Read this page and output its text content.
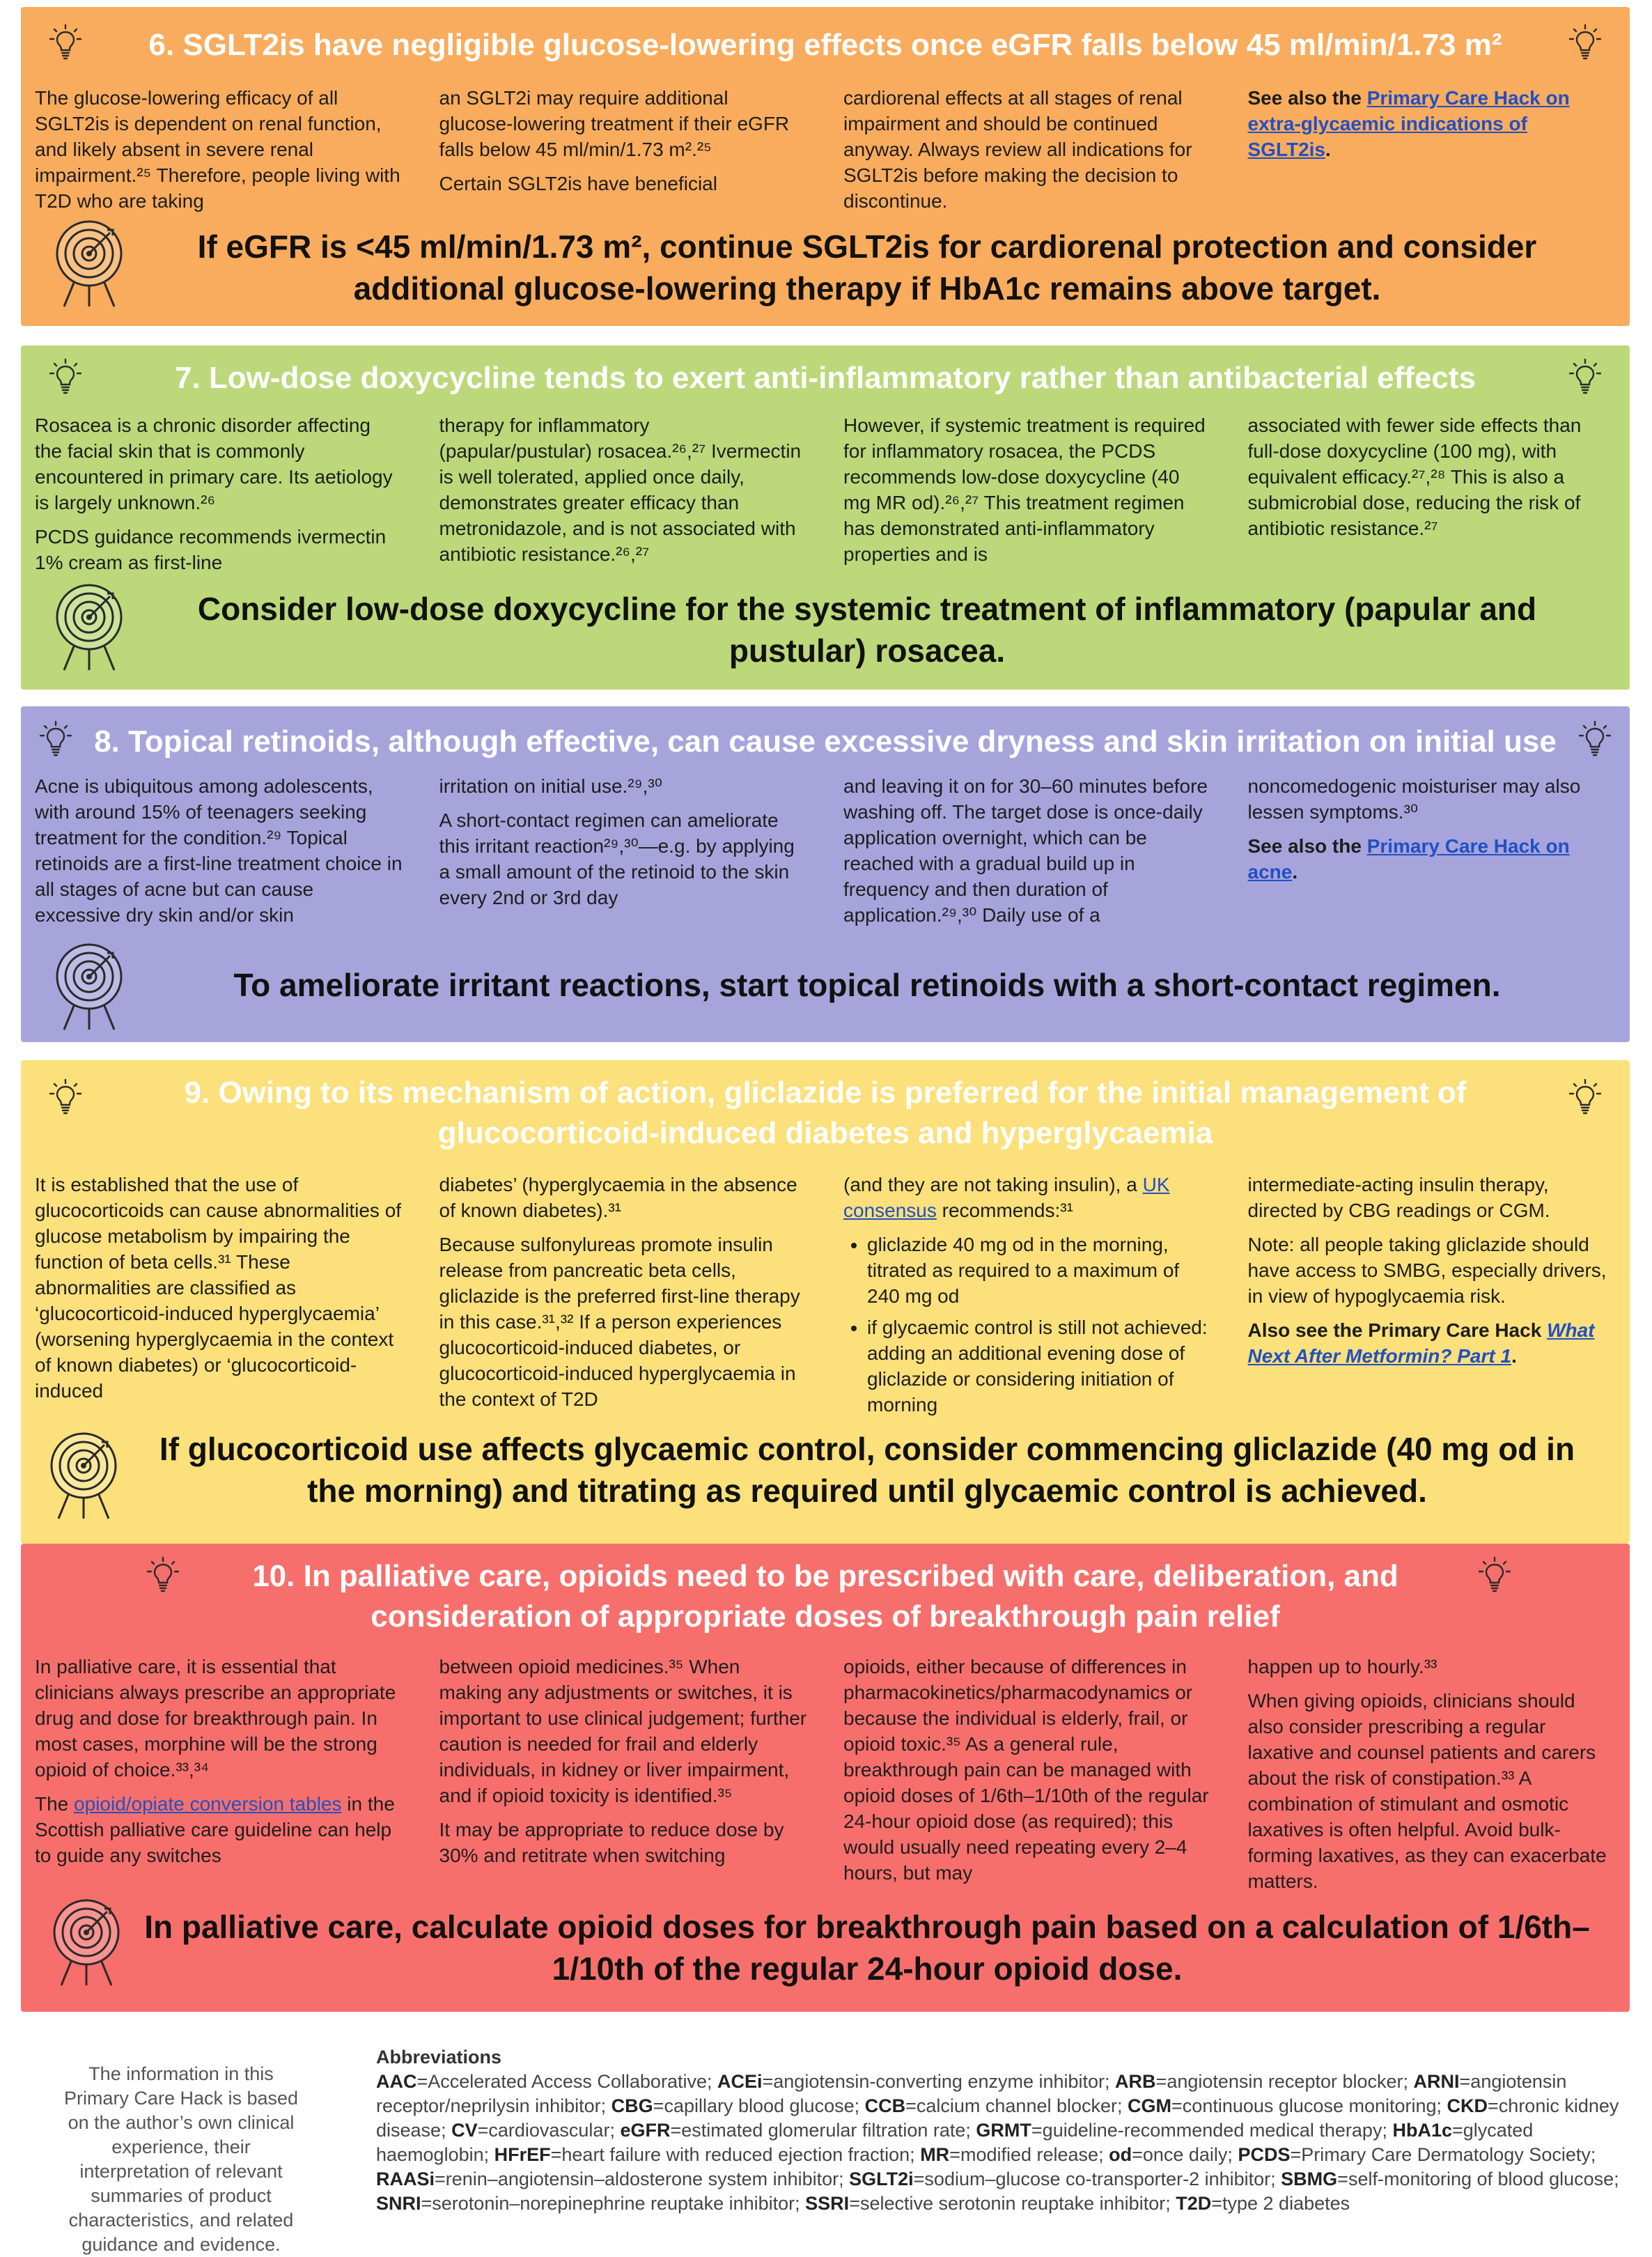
6. SGLT2is have negligible glucose-lowering effects once eGFR falls below 45 ml/min/1.73 m²

The glucose-lowering efficacy of all SGLT2is is dependent on renal function, and likely absent in severe renal impairment.²⁵ Therefore, people living with T2D who are taking

an SGLT2i may require additional glucose-lowering treatment if their eGFR falls below 45 ml/min/1.73 m².²⁵

Certain SGLT2is have beneficial

cardiorenal effects at all stages of renal impairment and should be continued anyway. Always review all indications for SGLT2is before making the decision to discontinue.

See also the Primary Care Hack on extra-glycaemic indications of SGLT2is.
If eGFR is <45 ml/min/1.73 m², continue SGLT2is for cardiorenal protection and consider additional glucose-lowering therapy if HbA1c remains above target.
7. Low-dose doxycycline tends to exert anti-inflammatory rather than antibacterial effects

Rosacea is a chronic disorder affecting the facial skin that is commonly encountered in primary care. Its aetiology is largely unknown.²⁶

PCDS guidance recommends ivermectin 1% cream as first-line

therapy for inflammatory (papular/pustular) rosacea.²⁶,²⁷ Ivermectin is well tolerated, applied once daily, demonstrates greater efficacy than metronidazole, and is not associated with antibiotic resistance.²⁶,²⁷

However, if systemic treatment is required for inflammatory rosacea, the PCDS recommends low-dose doxycycline (40 mg MR od).²⁶,²⁷ This treatment regimen has demonstrated anti-inflammatory properties and is

associated with fewer side effects than full-dose doxycycline (100 mg), with equivalent efficacy.²⁷,²⁸ This is also a submicrobial dose, reducing the risk of antibiotic resistance.²⁷

Consider low-dose doxycycline for the systemic treatment of inflammatory (papular and pustular) rosacea.
8. Topical retinoids, although effective, can cause excessive dryness and skin irritation on initial use

Acne is ubiquitous among adolescents, with around 15% of teenagers seeking treatment for the condition.²⁹ Topical retinoids are a first-line treatment choice in all stages of acne but can cause excessive dry skin and/or skin

irritation on initial use.²⁹,³⁰

A short-contact regimen can ameliorate this irritant reaction²⁹,³⁰—e.g. by applying a small amount of the retinoid to the skin every 2nd or 3rd day

and leaving it on for 30–60 minutes before washing off. The target dose is once-daily application overnight, which can be reached with a gradual build up in frequency and then duration of application.²⁹,³⁰ Daily use of a

noncomedogenic moisturiser may also lessen symptoms.³⁰

See also the Primary Care Hack on acne.

To ameliorate irritant reactions, start topical retinoids with a short-contact regimen.
9. Owing to its mechanism of action, gliclazide is preferred for the initial management of glucocorticoid-induced diabetes and hyperglycaemia

It is established that the use of glucocorticoids can cause abnormalities of glucose metabolism by impairing the function of beta cells.³¹ These abnormalities are classified as ‘glucocorticoid-induced hyperglycaemia’ (worsening hyperglycaemia in the context of known diabetes) or ‘glucocorticoid-induced

diabetes’ (hyperglycaemia in the absence of known diabetes).³¹

Because sulfonylureas promote insulin release from pancreatic beta cells, gliclazide is the preferred first-line therapy in this case.³¹,³² If a person experiences glucocorticoid-induced diabetes, or glucocorticoid-induced hyperglycaemia in the context of T2D

(and they are not taking insulin), a UK consensus recommends:³¹

• gliclazide 40 mg od in the morning, titrated as required to a maximum of 240 mg od
• if glycaemic control is still not achieved: adding an additional evening dose of gliclazide or considering initiation of morning

intermediate-acting insulin therapy, directed by CBG readings or CGM.

Note: all people taking gliclazide should have access to SMBG, especially drivers, in view of hypoglycaemia risk.

Also see the Primary Care Hack What Next After Metformin? Part 1.

If glucocorticoid use affects glycaemic control, consider commencing gliclazide (40 mg od in the morning) and titrating as required until glycaemic control is achieved.
10. In palliative care, opioids need to be prescribed with care, deliberation, and consideration of appropriate doses of breakthrough pain relief

In palliative care, it is essential that clinicians always prescribe an appropriate drug and dose for breakthrough pain. In most cases, morphine will be the strong opioid of choice.³³,³⁴

The opioid/opiate conversion tables in the Scottish palliative care guideline can help to guide any switches

between opioid medicines.³⁵ When making any adjustments or switches, it is important to use clinical judgement; further caution is needed for frail and elderly individuals, in kidney or liver impairment, and if opioid toxicity is identified.³⁵

It may be appropriate to reduce dose by 30% and retitrate when switching

opioids, either because of differences in pharmacokinetics/pharmacodynamics or because the individual is elderly, frail, or opioid toxic.³⁵ As a general rule, breakthrough pain can be managed with opioid doses of 1/6th–1/10th of the regular 24-hour opioid dose (as required); this would usually need repeating every 2–4 hours, but may

happen up to hourly.³³

When giving opioids, clinicians should also consider prescribing a regular laxative and counsel patients and carers about the risk of constipation.³³ A combination of stimulant and osmotic laxatives is often helpful. Avoid bulk-forming laxatives, as they can exacerbate matters.

In palliative care, calculate opioid doses for breakthrough pain based on a calculation of 1/6th–1/10th of the regular 24-hour opioid dose.
The information in this Primary Care Hack is based on the author’s own clinical experience, their interpretation of relevant summaries of product characteristics, and related guidance and evidence.
Abbreviations
AAC=Accelerated Access Collaborative; ACEi=angiotensin-converting enzyme inhibitor; ARB=angiotensin receptor blocker; ARNI=angiotensin receptor/neprilysin inhibitor; CBG=capillary blood glucose; CCB=calcium channel blocker; CGM=continuous glucose monitoring; CKD=chronic kidney disease; CV=cardiovascular; eGFR=estimated glomerular filtration rate; GRMT=guideline-recommended medical therapy; HbA1c=glycated haemoglobin; HFrEF=heart failure with reduced ejection fraction; MR=modified release; od=once daily; PCDS=Primary Care Dermatology Society; RAASi=renin–angiotensin–aldosterone system inhibitor; SGLT2i=sodium–glucose co-transporter-2 inhibitor; SBMG=self-monitoring of blood glucose; SNRI=serotonin–norepinephrine reuptake inhibitor; SSRI=selective serotonin reuptake inhibitor; T2D=type 2 diabetes
